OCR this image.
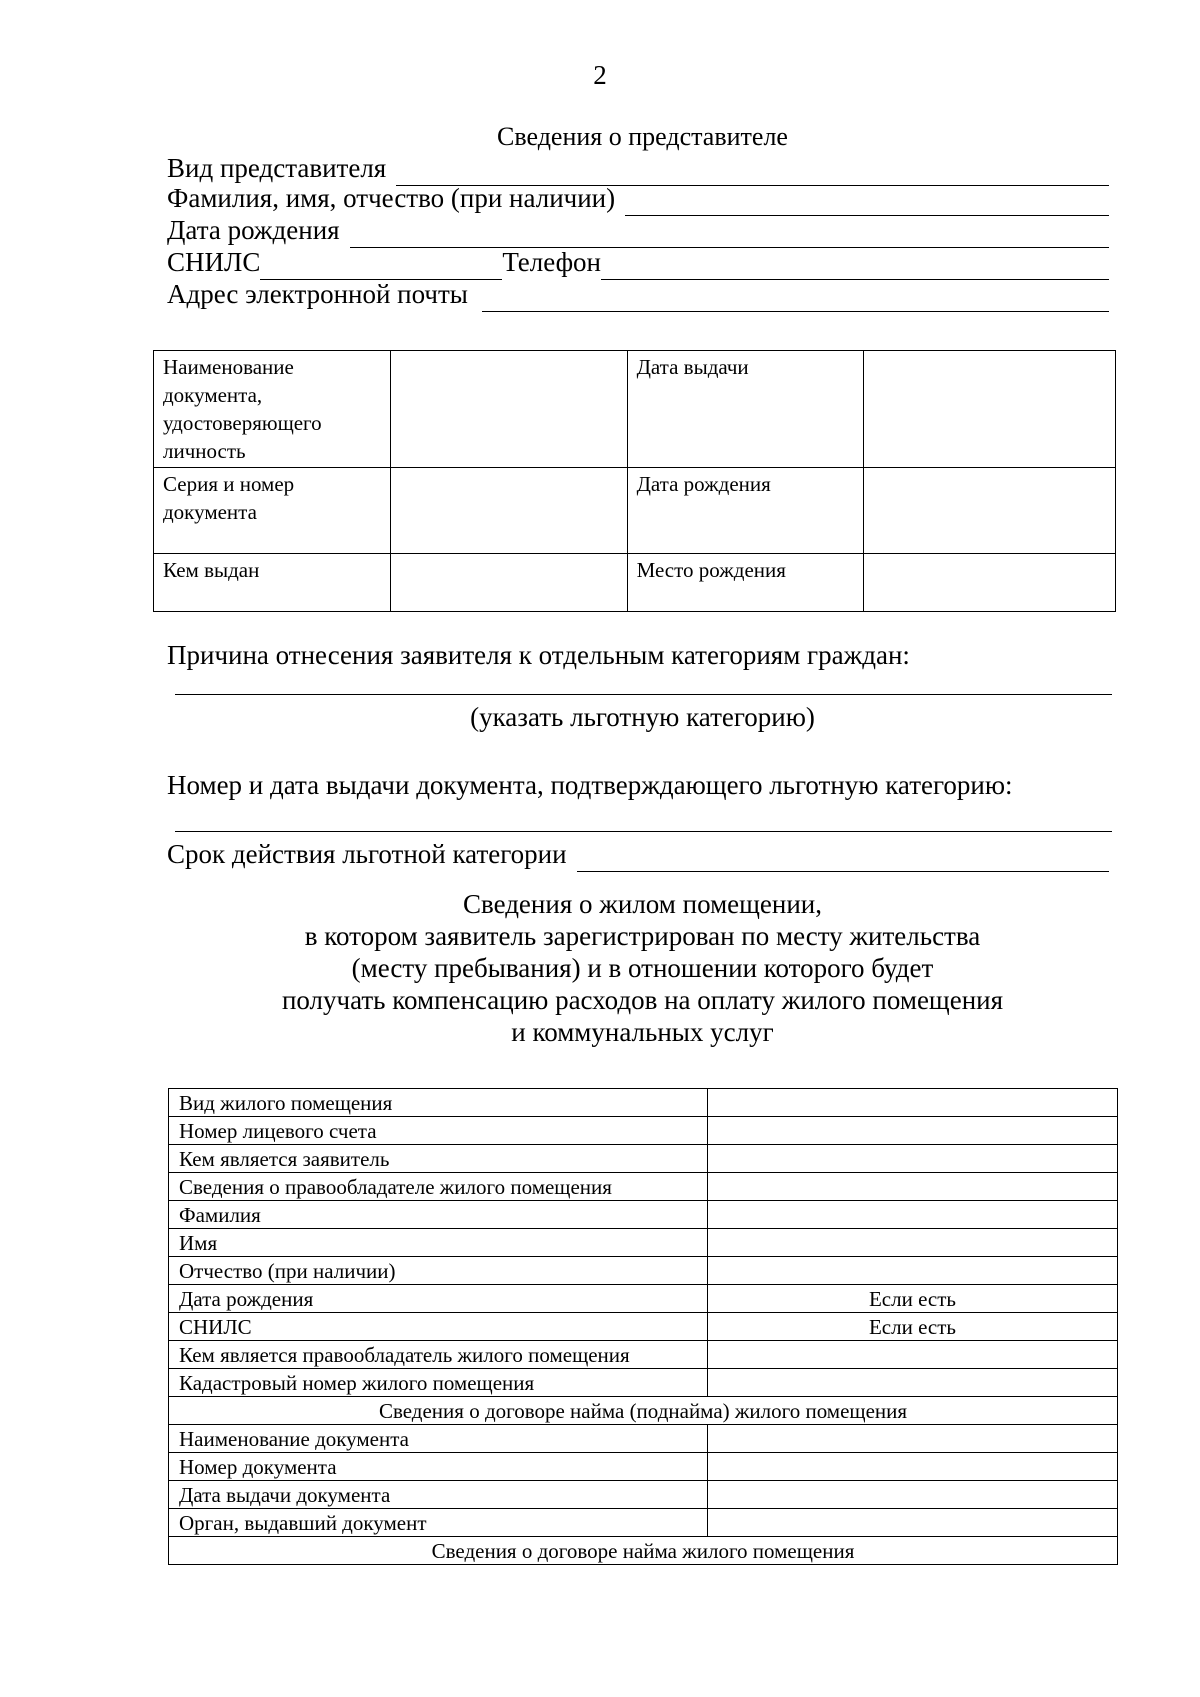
2
Сведения о представителе
Вид представителя
Фамилия, имя, отчество (при наличии)
Дата рождения
СНИЛС	Телефон
Адрес электронной почты
Наименование документа, удостоверяющего личность		Дата выдачи	
Серия и номер документа		Дата рождения	
Кем выдан		Место рождения	
Причина отнесения заявителя к отдельным категориям граждан:
(указать льготную категорию)
Номер и дата выдачи документа, подтверждающего льготную категорию:
Срок действия льготной категории
Сведения о жилом помещении,
в котором заявитель зарегистрирован по месту жительства
(месту пребывания) и в отношении которого будет
получать компенсацию расходов на оплату жилого помещения
и коммунальных услуг
Вид жилого помещения	
Номер лицевого счета	
Кем является заявитель	
Сведения о правообладателе жилого помещения	
Фамилия	
Имя	
Отчество (при наличии)	
Дата рождения	Если есть
СНИЛС	Если есть
Кем является правообладатель жилого помещения	
Кадастровый номер жилого помещения	
Сведения о договоре найма (поднайма) жилого помещения	
Наименование документа	
Номер документа	
Дата выдачи документа	
Орган, выдавший документ	
Сведения о договоре найма жилого помещения	
